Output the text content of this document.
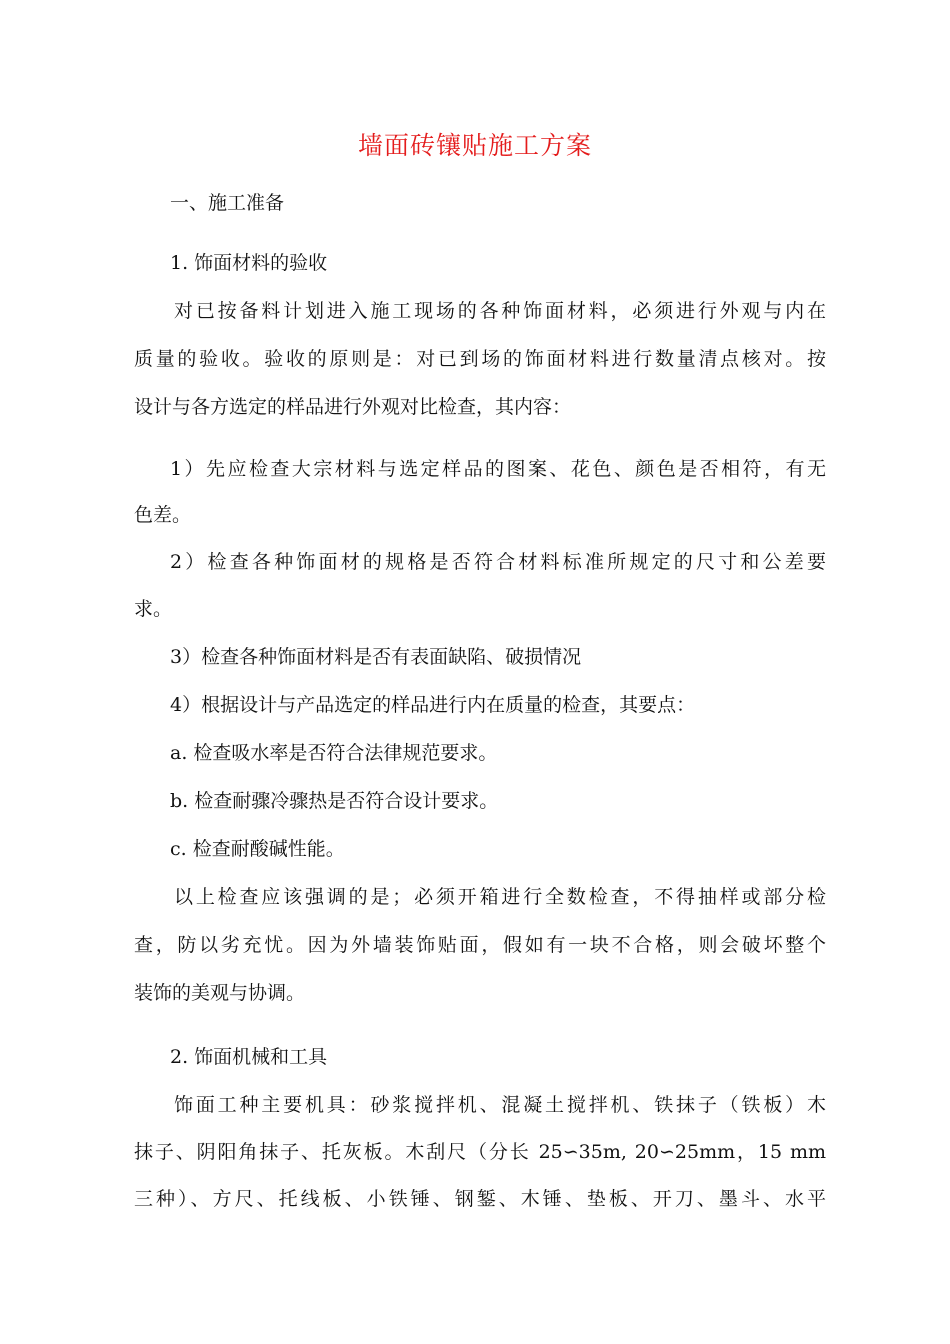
墙面砖镶贴施工方案
一、施工准备
1. 饰面材料的验收
对已按备料计划进入施工现场的各种饰面材料，必须进行外观与内在
质量的验收。验收的原则是：对已到场的饰面材料进行数量清点核对。按
设计与各方选定的样品进行外观对比检查，其内容：
1）先应检查大宗材料与选定样品的图案、花色、颜色是否相符，有无
色差。
2）检查各种饰面材的规格是否符合材料标准所规定的尺寸和公差要
求。
3）检查各种饰面材料是否有表面缺陷、破损情况
4）根据设计与产品选定的样品进行内在质量的检查，其要点：
a. 检查吸水率是否符合法律规范要求。
b. 检查耐骤冷骤热是否符合设计要求。
c. 检查耐酸碱性能。
以上检查应该强调的是；必须开箱进行全数检查，不得抽样或部分检
查，防以劣充忧。因为外墙装饰贴面，假如有一块不合格，则会破坏整个
装饰的美观与协调。
2. 饰面机械和工具
饰面工种主要机具：砂浆搅拌机、混凝土搅拌机、铁抹子（铁板）木
抹子、阴阳角抹子、托灰板。木刮尺（分长 25∽35m, 20∽25mm，15 mm
三种）、方尺、托线板、小铁锤、钢錾、木锤、垫板、开刀、墨斗、水平
